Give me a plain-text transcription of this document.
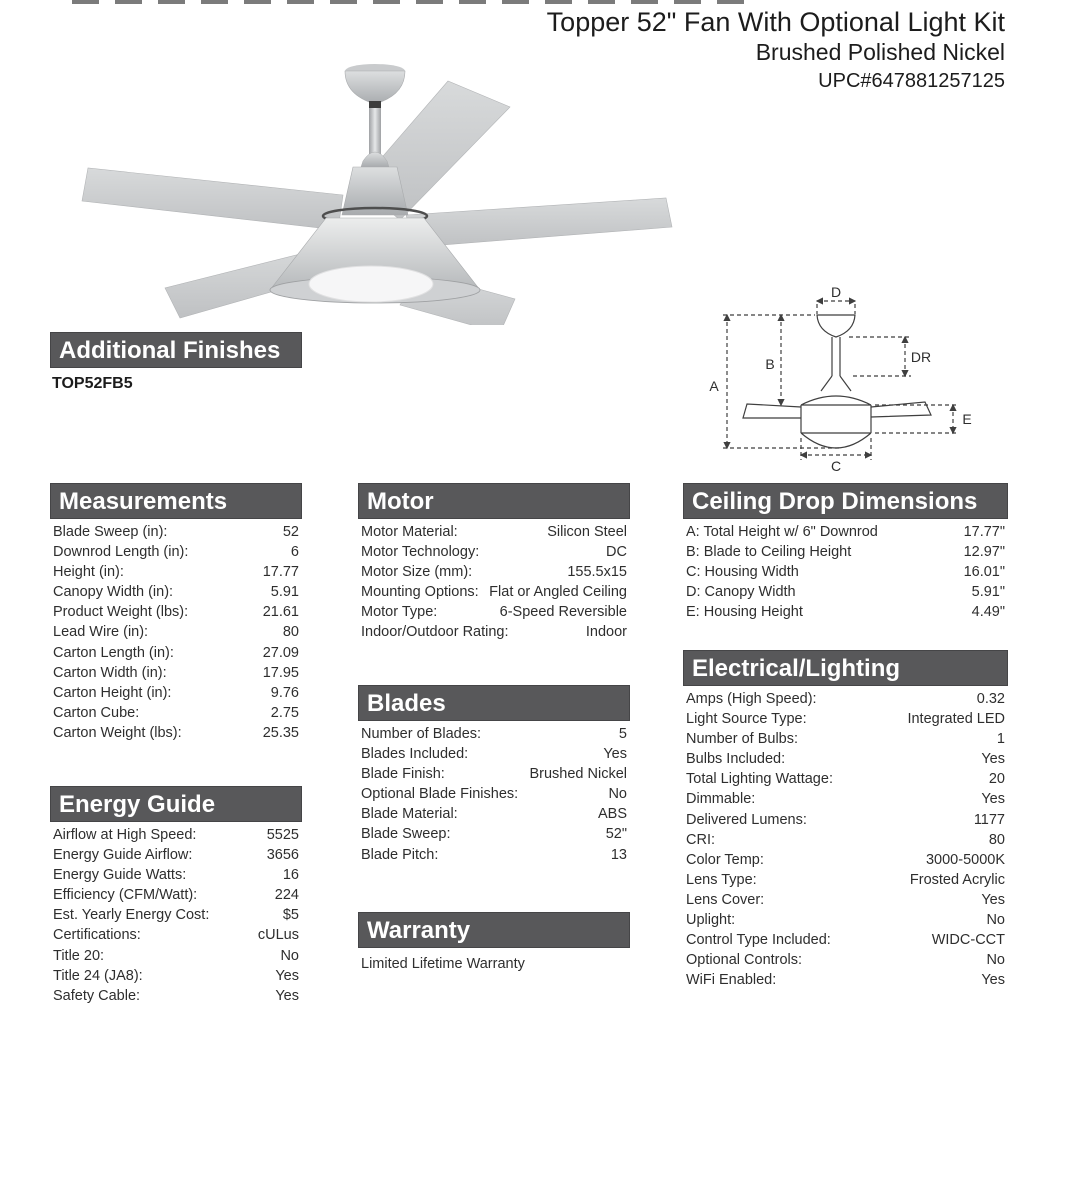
Topper 52" Fan With Optional Light Kit
Brushed Polished Nickel
UPC#647881257125
Additional Finishes
TOP52FB5
D
A
B	DR
E
C
Measurements
Blade Sweep (in):	52
Downrod Length (in):	6
Height (in):	17.77
Canopy Width (in):	5.91
Product Weight (lbs):	21.61
Lead Wire (in):	80
Carton Length (in):	27.09
Carton Width (in):	17.95
Carton Height (in):	9.76
Carton Cube:	2.75
Carton Weight (lbs):	25.35
Energy Guide
Airflow at High Speed:	5525
Energy Guide Airflow:	3656
Energy Guide Watts:	16
Efficiency (CFM/Watt):	224
Est. Yearly Energy Cost:	$5
Certifications:	cULus
Title 20:	No
Title 24 (JA8):	Yes
Safety Cable:	Yes
Motor
Motor Material:	Silicon Steel
Motor Technology:	DC
Motor Size (mm):	155.5x15
Mounting Options: Flat or Angled Ceiling
Motor Type:	6-Speed Reversible
Indoor/Outdoor Rating:	Indoor
Blades
Number of Blades:	5
Blades Included:	Yes
Blade Finish:	Brushed Nickel
Optional Blade Finishes:	No
Blade Material:	ABS
Blade Sweep:	52"
Blade Pitch:	13
Warranty
Limited Lifetime Warranty
Ceiling Drop Dimensions
A: Total Height w/ 6" Downrod	17.77"
B: Blade to Ceiling Height	12.97"
C: Housing Width	16.01"
D: Canopy Width	5.91"
E: Housing Height	4.49"
Electrical/Lighting
Amps (High Speed):	0.32
Light Source Type:	Integrated LED
Number of Bulbs:	1
Bulbs Included:	Yes
Total Lighting Wattage:	20
Dimmable:	Yes
Delivered Lumens:	1177
CRI:	80
Color Temp:	3000-5000K
Lens Type:	Frosted Acrylic
Lens Cover:	Yes
Uplight:	No
Control Type Included:	WIDC-CCT
Optional Controls:	No
WiFi Enabled:	Yes
